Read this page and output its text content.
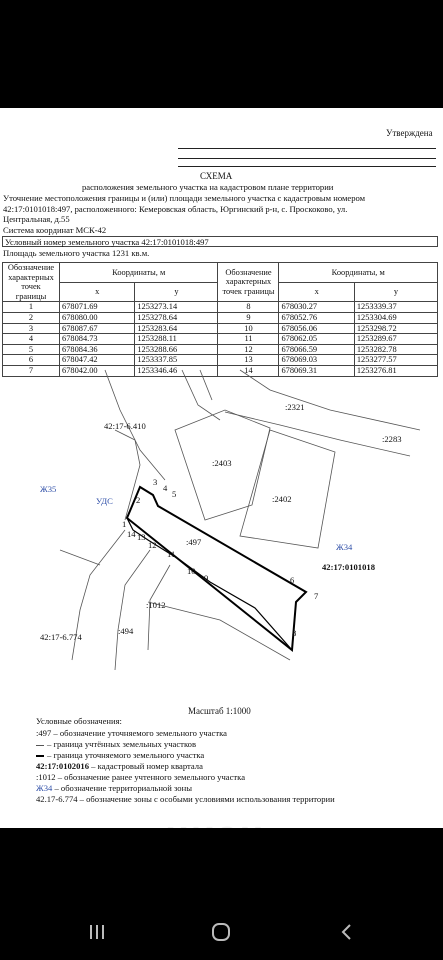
Утверждена
СХЕМА
расположения земельного участка на кадастровом плане территории
Уточнение местоположения границы и (или) площади земельного участка с кадастровым номером
42:17:0101018:497, расположенного: Кемеровская область, Юргинский р-н, с. Проскоково, ул.
Центральная, д.55
Система координат МСК-42
Условный номер земельного участка 42:17:0101018:497
Площадь земельного участка 1231 кв.м.
Обозначение характерных точек границы	Координаты, м		Обозначение характерных точек границы	Координаты, м	
	x	y		x	y
1	678071.69	1253273.14	8	678030.27	1253339.37
2	678080.00	1253278.64	9	678052.76	1253304.69
3	678087.67	1253283.64	10	678056.06	1253298.72
4	678084.73	1253288.11	11	678062.05	1253289.67
5	678084.36	1253288.66	12	678066.59	1253282.78
6	678047.42	1253337.85	13	678069.03	1253277.57
7	678042.00	1253346.46	14	678069.31	1253276.81
:2321
:2283
:2403
:2402
:497
:1012
:494
42:17-6.410
42:17-6.774
Ж35
Ж34
УДС
42:17:0101018
1
2
3
4
5
6
7
8
9
10
11
12
13
14
Масштаб 1:1000
Условные обозначения:
:497 – обозначение уточняемого земельного участка
– граница учтённых земельных участков
– граница уточняемого земельного участка
42:17:0102016 – кадастровый номер квартала
:1012 – обозначение ранее учтенного земельного участка
Ж34 – обозначение территориальной зоны
42.17-6.774 – обозначение зоны с особыми условиями использования территории
циан
